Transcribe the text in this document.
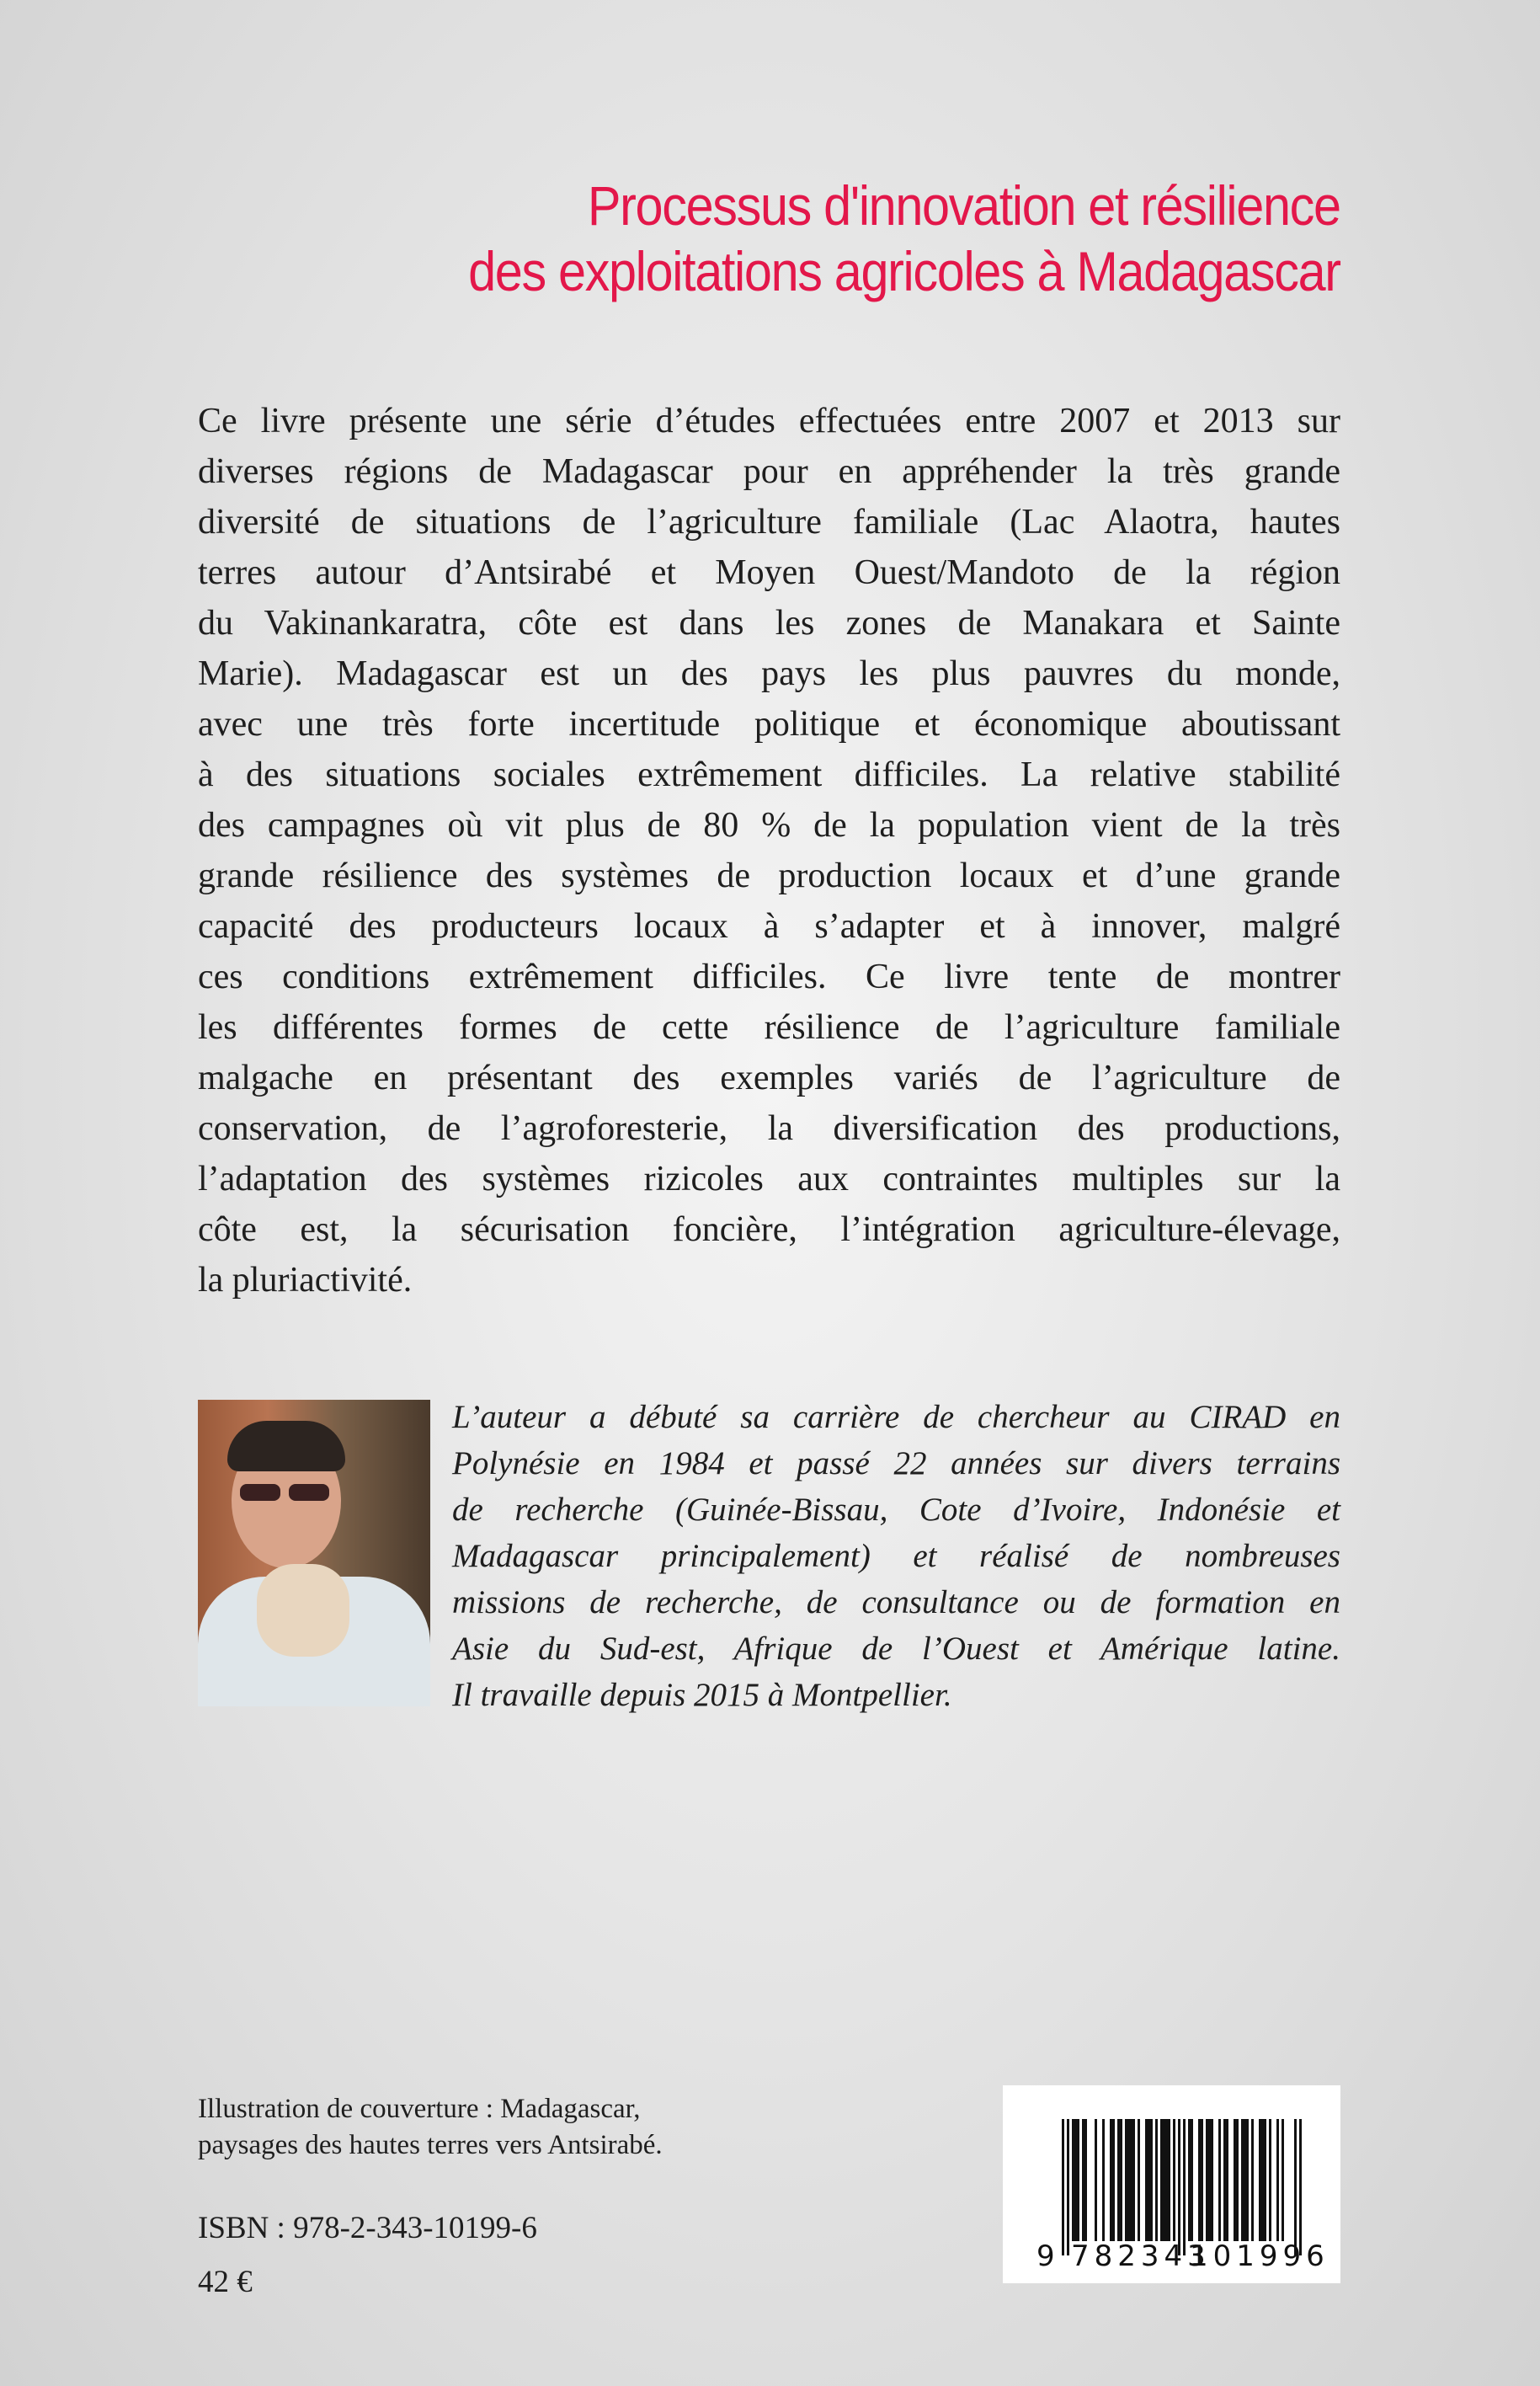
Processus d'innovation et résilience
des exploitations agricoles à Madagascar
Ce livre présente une série d’études effectuées entre 2007 et 2013 sur
diverses régions de Madagascar pour en appréhender la très grande
diversité de situations de l’agriculture familiale (Lac Alaotra, hautes
terres autour d’Antsirabé et Moyen Ouest/Mandoto de la région
du Vakinankaratra, côte est dans les zones de Manakara et Sainte
Marie). Madagascar est un des pays les plus pauvres du monde,
avec une très forte incertitude politique et économique aboutissant
à des situations sociales extrêmement difficiles. La relative stabilité
des campagnes où vit plus de 80 % de la population vient de la très
grande résilience des systèmes de production locaux et d’une grande
capacité des producteurs locaux à s’adapter et à innover, malgré
ces conditions extrêmement difficiles. Ce livre tente de montrer
les différentes formes de cette résilience de l’agriculture familiale
malgache en présentant des exemples variés de l’agriculture de
conservation, de l’agroforesterie, la diversification des productions,
l’adaptation des systèmes rizicoles aux contraintes multiples sur la
côte est, la sécurisation foncière, l’intégration agriculture-élevage,
la pluriactivité.
L’auteur a débuté sa carrière de chercheur au CIRAD en
Polynésie en 1984 et passé 22 années sur divers terrains
de recherche (Guinée-Bissau, Cote d’Ivoire, Indonésie et
Madagascar principalement) et réalisé de nombreuses
missions de recherche, de consultance ou de formation en
Asie du Sud-est, Afrique de l’Ouest et Amérique latine.
Il travaille depuis 2015 à Montpellier.
Illustration de couverture : Madagascar,
paysages des hautes terres vers Antsirabé.
ISBN : 978-2-343-10199-6
42 €
9 782343
101996
